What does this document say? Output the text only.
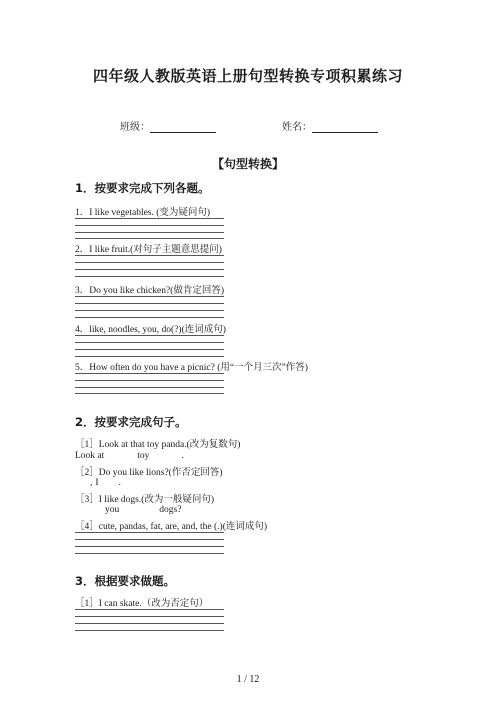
四年级人教版英语上册句型转换专项积累练习
班级：	姓名：
【句型转换】
1．按要求完成下列各题。
1．I like vegetables. (变为疑问句)
2．I like fruit.(对句子主题意思提问)
3．Do you like chicken?(做肯定回答)
4．like, noodles, you, do(?)(连词成句)
5．How often do you have a picnic? (用“一个月三次”作答)
2．按要求完成句子。
［1］Look at that toy panda.(改为复数句)
Look at	toy	.
［2］Do you like lions?(作否定回答)
, I .
［3］I like dogs.(改为一般疑问句)
you	dogs?
［4］cute, pandas, fat, are, and, the (.)(连词成句)
3．根据要求做题。
［1］I can skate.（改为否定句）
1 / 12
